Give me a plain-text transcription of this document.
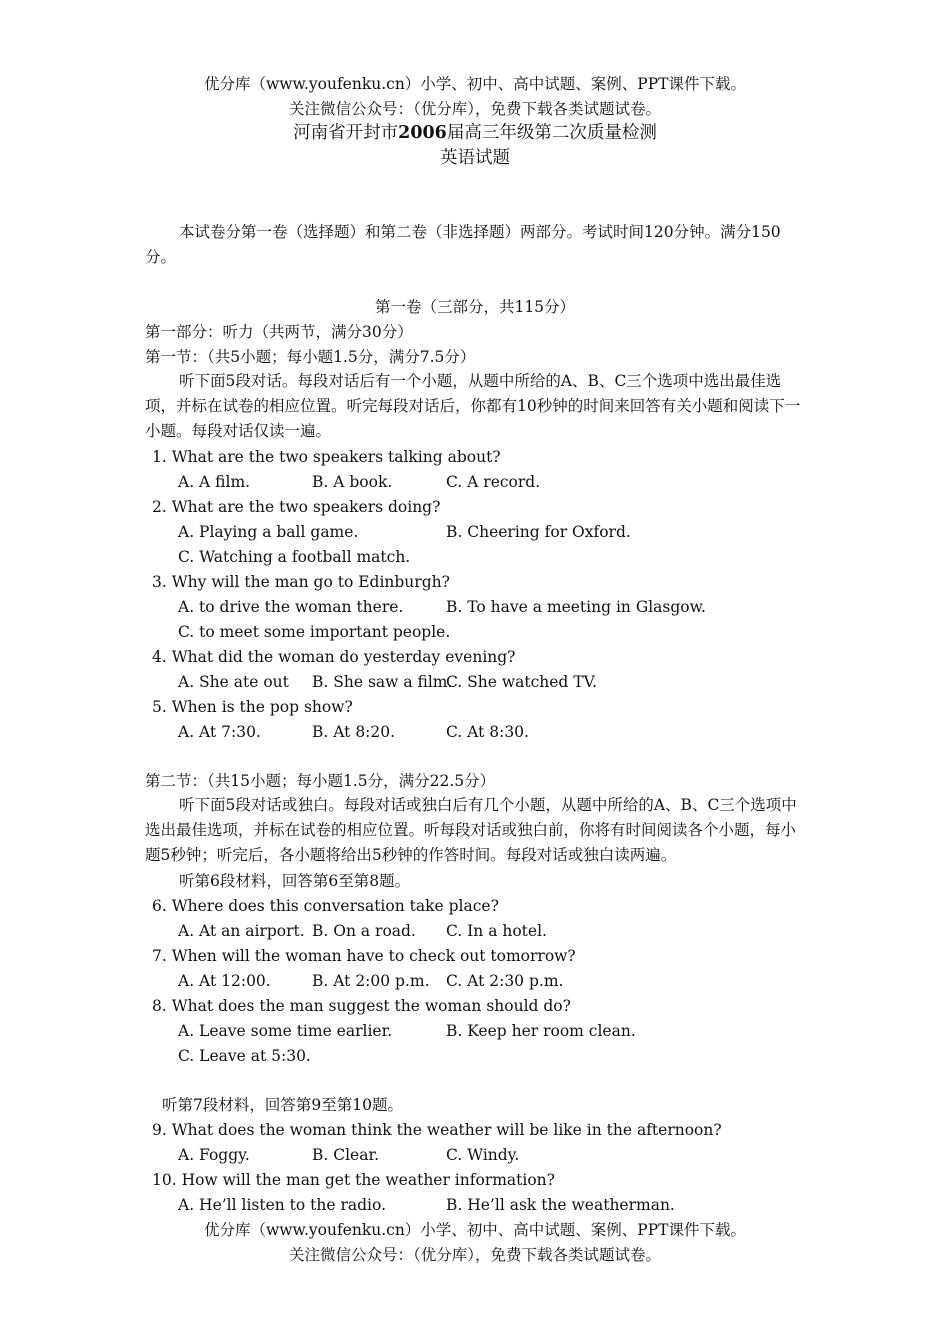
优分库（www.youfenku.cn）小学、初中、高中试题、案例、PPT课件下载。
关注微信公众号：（优分库），免费下载各类试题试卷。
河南省开封市2006届高三年级第二次质量检测
英语试题
本试卷分第一卷（选择题）和第二卷（非选择题）两部分。考试时间120分钟。满分150分。
第一卷（三部分，共115分）
第一部分：听力（共两节，满分30分）
第一节：（共5小题；每小题1.5分，满分7.5分）
听下面5段对话。每段对话后有一个小题，从题中所给的A、B、C三个选项中选出最佳选项，并标在试卷的相应位置。听完每段对话后，你都有10秒钟的时间来回答有关小题和阅读下一小题。每段对话仅读一遍。
1. What are the two speakers talking about?
A. A film.	B. A book.	C. A record.
2. What are the two speakers doing?
A. Playing a ball game.	B. Cheering for Oxford.
C. Watching a football match.
3. Why will the man go to Edinburgh?
A. to drive the woman there.	B. To have a meeting in Glasgow.
C. to meet some important people.
4. What did the woman do yesterday evening?
A. She ate out B. She saw a film.
C. She watched TV.
5. When is the pop show?
A. At 7:30.	B. At 8:20.	C. At 8:30.
第二节：（共15小题；每小题1.5分，满分22.5分）
听下面5段对话或独白。每段对话或独白后有几个小题，从题中所给的A、B、C三个选项中选出最佳选项，并标在试卷的相应位置。听每段对话或独白前，你将有时间阅读各个小题，每小题5秒钟；听完后，各小题将给出5秒钟的作答时间。每段对话或独白读两遍。
听第6段材料，回答第6至第8题。
6. Where does this conversation take place?
A. At an airport. B. On a road. C. In a hotel.
7. When will the woman have to check out tomorrow?
A. At 12:00.	B. At 2:00 p.m. C. At 2:30 p.m.
8. What does the man suggest the woman should do?
A. Leave some time earlier.	B. Keep her room clean.
C. Leave at 5:30.
听第7段材料，回答第9至第10题。
9. What does the woman think the weather will be like in the afternoon?
A. Foggy.	B. Clear.	C. Windy.
10. How will the man get the weather information?
A. He’ll listen to the radio.	B. He’ll ask the weatherman.
优分库（www.youfenku.cn）小学、初中、高中试题、案例、PPT课件下载。
关注微信公众号：（优分库），免费下载各类试题试卷。
